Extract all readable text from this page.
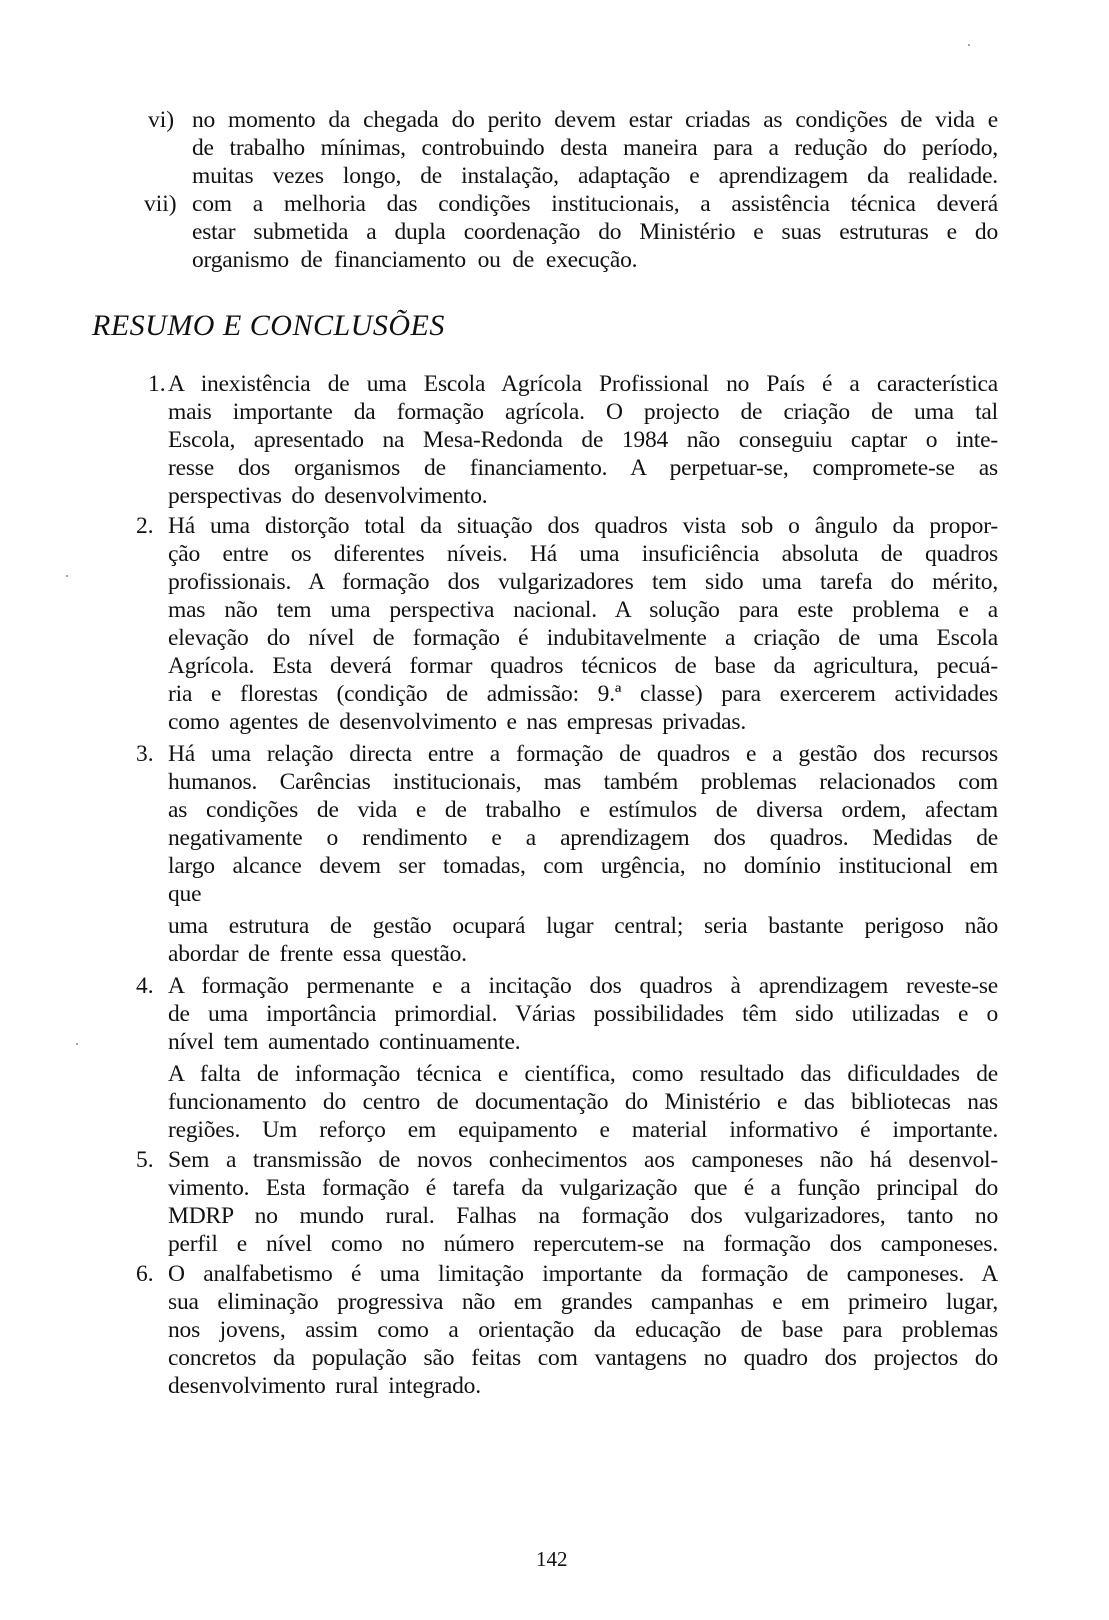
vi) no momento da chegada do perito devem estar criadas as condições de vida e
de trabalho mínimas, controbuindo desta maneira para a redução do período,
muitas vezes longo, de instalação, adaptação e aprendizagem da realidade.
vii) com a melhoria das condições institucionais, a assistência técnica deverá
estar submetida a dupla coordenação do Ministério e suas estruturas e do
organismo de financiamento ou de execução.
RESUMO E CONCLUSÕES
1. A inexistência de uma Escola Agrícola Profissional no País é a característica
mais importante da formação agrícola. O projecto de criação de uma tal
Escola, apresentado na Mesa-Redonda de 1984 não conseguiu captar o inte-
resse dos organismos de financiamento. A perpetuar-se, compromete-se as
perspectivas do desenvolvimento.
2. Há uma distorção total da situação dos quadros vista sob o ângulo da propor-
ção entre os diferentes níveis. Há uma insuficiência absoluta de quadros
profissionais. A formação dos vulgarizadores tem sido uma tarefa do mérito,
mas não tem uma perspectiva nacional. A solução para este problema e a
elevação do nível de formação é indubitavelmente a criação de uma Escola
Agrícola. Esta deverá formar quadros técnicos de base da agricultura, pecuá-
ria e florestas (condição de admissão: 9.ª classe) para exercerem actividades
como agentes de desenvolvimento e nas empresas privadas.
3. Há uma relação directa entre a formação de quadros e a gestão dos recursos
humanos. Carências institucionais, mas também problemas relacionados com
as condições de vida e de trabalho e estímulos de diversa ordem, afectam
negativamente o rendimento e a aprendizagem dos quadros. Medidas de
largo alcance devem ser tomadas, com urgência, no domínio institucional em
que
uma estrutura de gestão ocupará lugar central; seria bastante perigoso não
abordar de frente essa questão.
4. A formação permenante e a incitação dos quadros à aprendizagem reveste-se
de uma importância primordial. Várias possibilidades têm sido utilizadas e o
nível tem aumentado continuamente.
A falta de informação técnica e científica, como resultado das dificuldades de
funcionamento do centro de documentação do Ministério e das bibliotecas nas
regiões. Um reforço em equipamento e material informativo é importante.
5. Sem a transmissão de novos conhecimentos aos camponeses não há desenvol-
vimento. Esta formação é tarefa da vulgarização que é a função principal do
MDRP no mundo rural. Falhas na formação dos vulgarizadores, tanto no
perfil e nível como no número repercutem-se na formação dos camponeses.
6. O analfabetismo é uma limitação importante da formação de camponeses. A
sua eliminação progressiva não em grandes campanhas e em primeiro lugar,
nos jovens, assim como a orientação da educação de base para problemas
concretos da população são feitas com vantagens no quadro dos projectos do
desenvolvimento rural integrado.
142
